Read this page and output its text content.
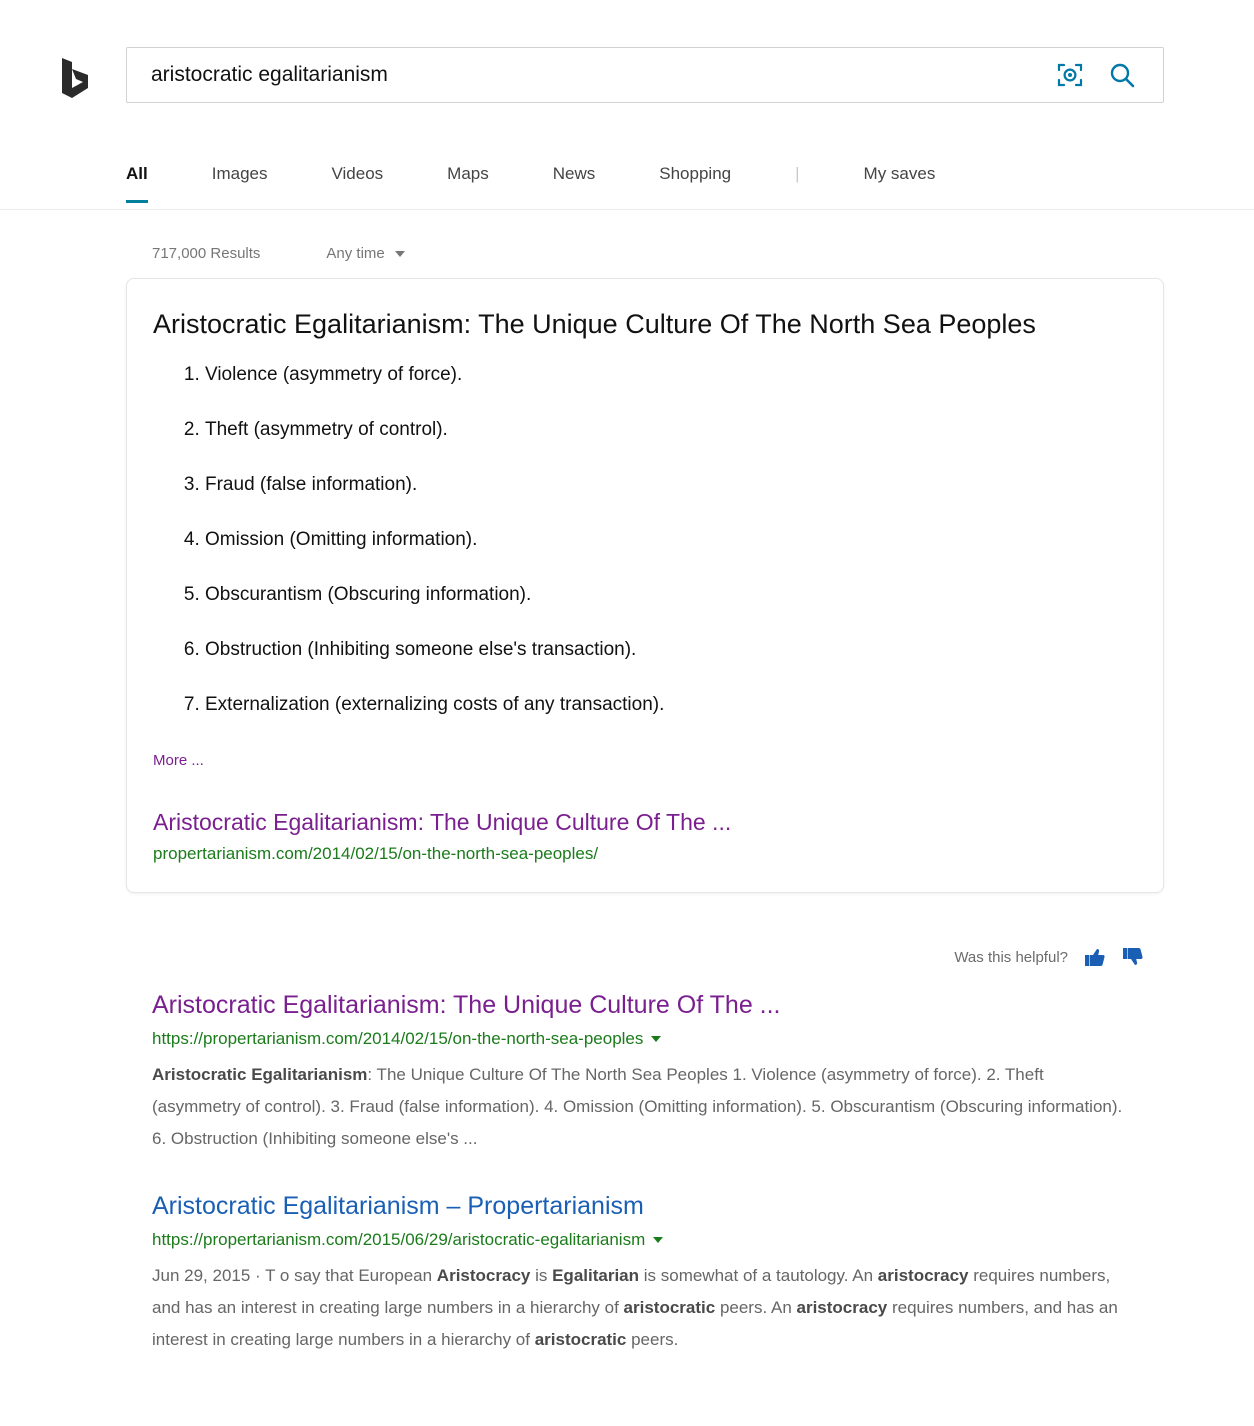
aristocratic egalitarianism
All	Images	Videos	Maps	News	Shopping	|	My saves
717,000 Results	Any time
Aristocratic Egalitarianism: The Unique Culture Of The North Sea Peoples
1. Violence (asymmetry of force).
2. Theft (asymmetry of control).
3. Fraud (false information).
4. Omission (Omitting information).
5. Obscurantism (Obscuring information).
6. Obstruction (Inhibiting someone else's transaction).
7. Externalization (externalizing costs of any transaction).
More ...
Aristocratic Egalitarianism: The Unique Culture Of The ...
propertarianism.com/2014/02/15/on-the-north-sea-peoples/
Was this helpful?
Aristocratic Egalitarianism: The Unique Culture Of The ...
https://propertarianism.com/2014/02/15/on-the-north-sea-peoples
Aristocratic Egalitarianism: The Unique Culture Of The North Sea Peoples 1. Violence (asymmetry of force). 2. Theft (asymmetry of control). 3. Fraud (false information). 4. Omission (Omitting information). 5. Obscurantism (Obscuring information). 6. Obstruction (Inhibiting someone else's ...
Aristocratic Egalitarianism – Propertarianism
https://propertarianism.com/2015/06/29/aristocratic-egalitarianism
Jun 29, 2015 · T o say that European Aristocracy is Egalitarian is somewhat of a tautology. An aristocracy requires numbers, and has an interest in creating large numbers in a hierarchy of aristocratic peers. An aristocracy requires numbers, and has an interest in creating large numbers in a hierarchy of aristocratic peers.
